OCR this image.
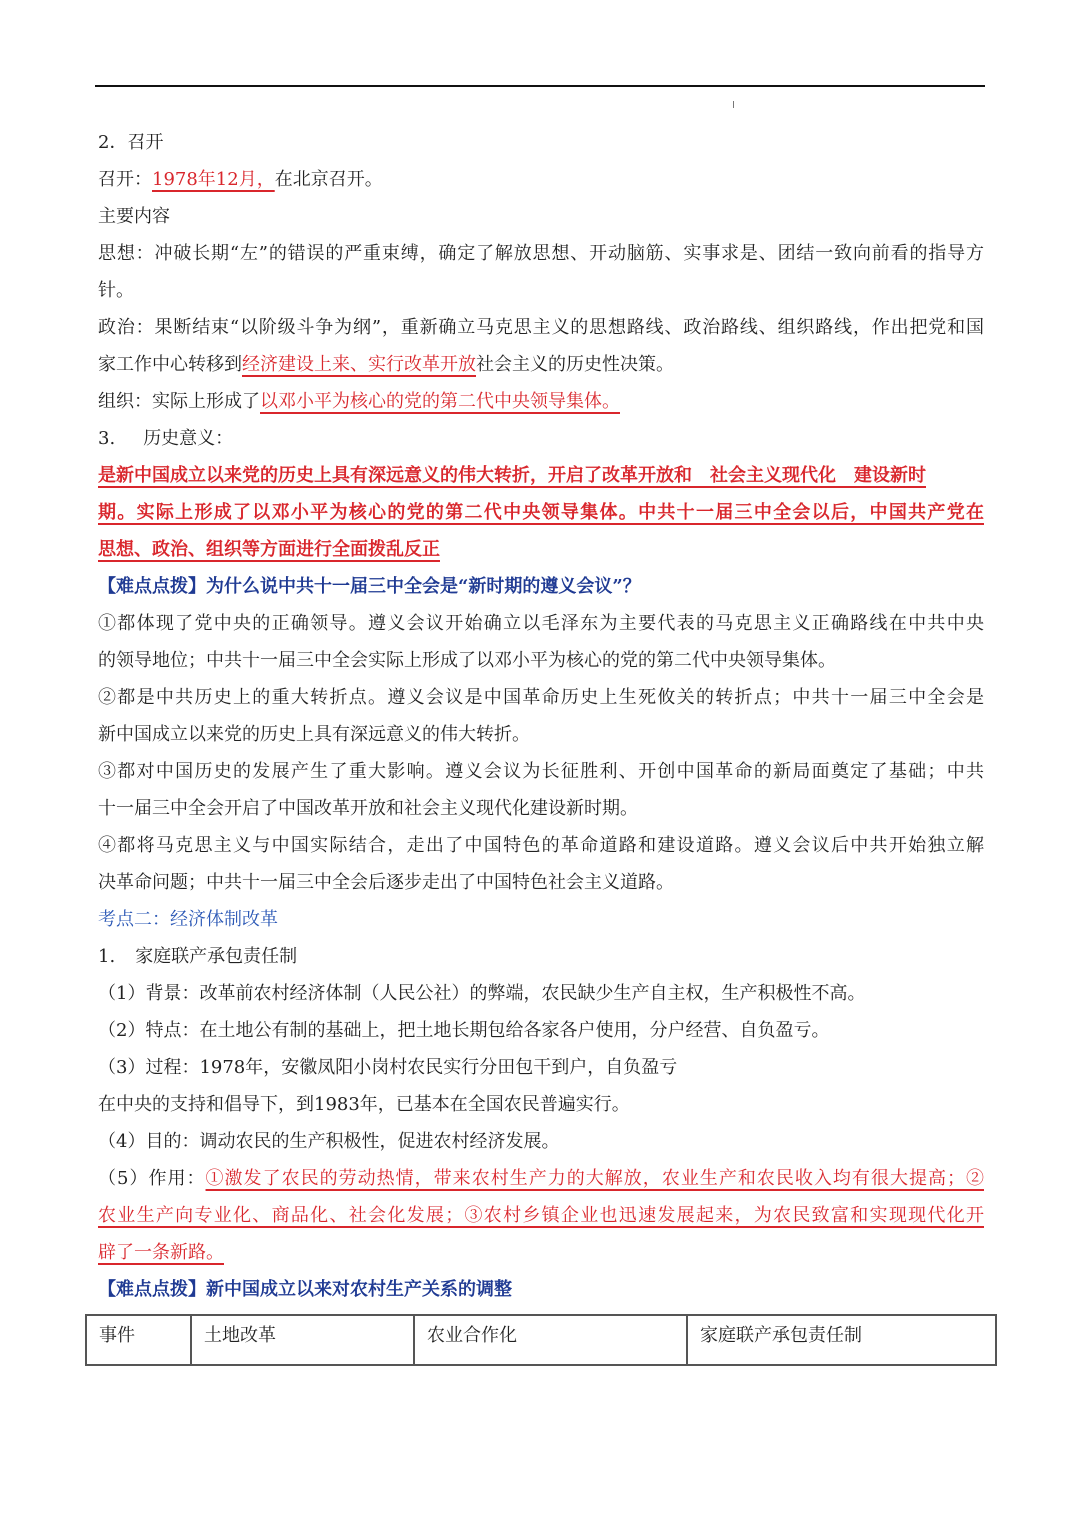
2．召开
召开：1978年12月，在北京召开。
主要内容
思想：冲破长期“左”的错误的严重束缚，确定了解放思想、开动脑筋、实事求是、团结一致向前看的指导方
针。
政治：果断结束“以阶级斗争为纲”，重新确立马克思主义的思想路线、政治路线、组织路线，作出把党和国
家工作中心转移到经济建设上来、实行改革开放社会主义的历史性决策。
组织：实际上形成了以邓小平为核心的党的第二代中央领导集体。
3. 历史意义：
是新中国成立以来党的历史上具有深远意义的伟大转折，开启了改革开放和  社会主义现代化  建设新时
期。实际上形成了以邓小平为核心的党的第二代中央领导集体。中共十一届三中全会以后，中国共产党在
思想、政治、组织等方面进行全面拨乱反正
【难点点拨】为什么说中共十一届三中全会是“新时期的遵义会议”？
①都体现了党中央的正确领导。遵义会议开始确立以毛泽东为主要代表的马克思主义正确路线在中共中央
的领导地位；中共十一届三中全会实际上形成了以邓小平为核心的党的第二代中央领导集体。
②都是中共历史上的重大转折点。遵义会议是中国革命历史上生死攸关的转折点；中共十一届三中全会是
新中国成立以来党的历史上具有深远意义的伟大转折。
③都对中国历史的发展产生了重大影响。遵义会议为长征胜利、开创中国革命的新局面奠定了基础；中共
十一届三中全会开启了中国改革开放和社会主义现代化建设新时期。
④都将马克思主义与中国实际结合，走出了中国特色的革命道路和建设道路。遵义会议后中共开始独立解
决革命问题；中共十一届三中全会后逐步走出了中国特色社会主义道路。
考点二：经济体制改革
1. 家庭联产承包责任制
（1）背景：改革前农村经济体制（人民公社）的弊端，农民缺少生产自主权，生产积极性不高。
（2）特点：在土地公有制的基础上，把土地长期包给各家各户使用，分户经营、自负盈亏。
（3）过程：1978年，安徽凤阳小岗村农民实行分田包干到户，自负盈亏
在中央的支持和倡导下，到1983年，已基本在全国农民普遍实行。
（4）目的：调动农民的生产积极性，促进农村经济发展。
（5）作用：①激发了农民的劳动热情，带来农村生产力的大解放，农业生产和农民收入均有很大提高；②
农业生产向专业化、商品化、社会化发展；③农村乡镇企业也迅速发展起来，为农民致富和实现现代化开
辟了一条新路。
【难点点拨】新中国成立以来对农村生产关系的调整
事件	土地改革	农业合作化	家庭联产承包责任制
